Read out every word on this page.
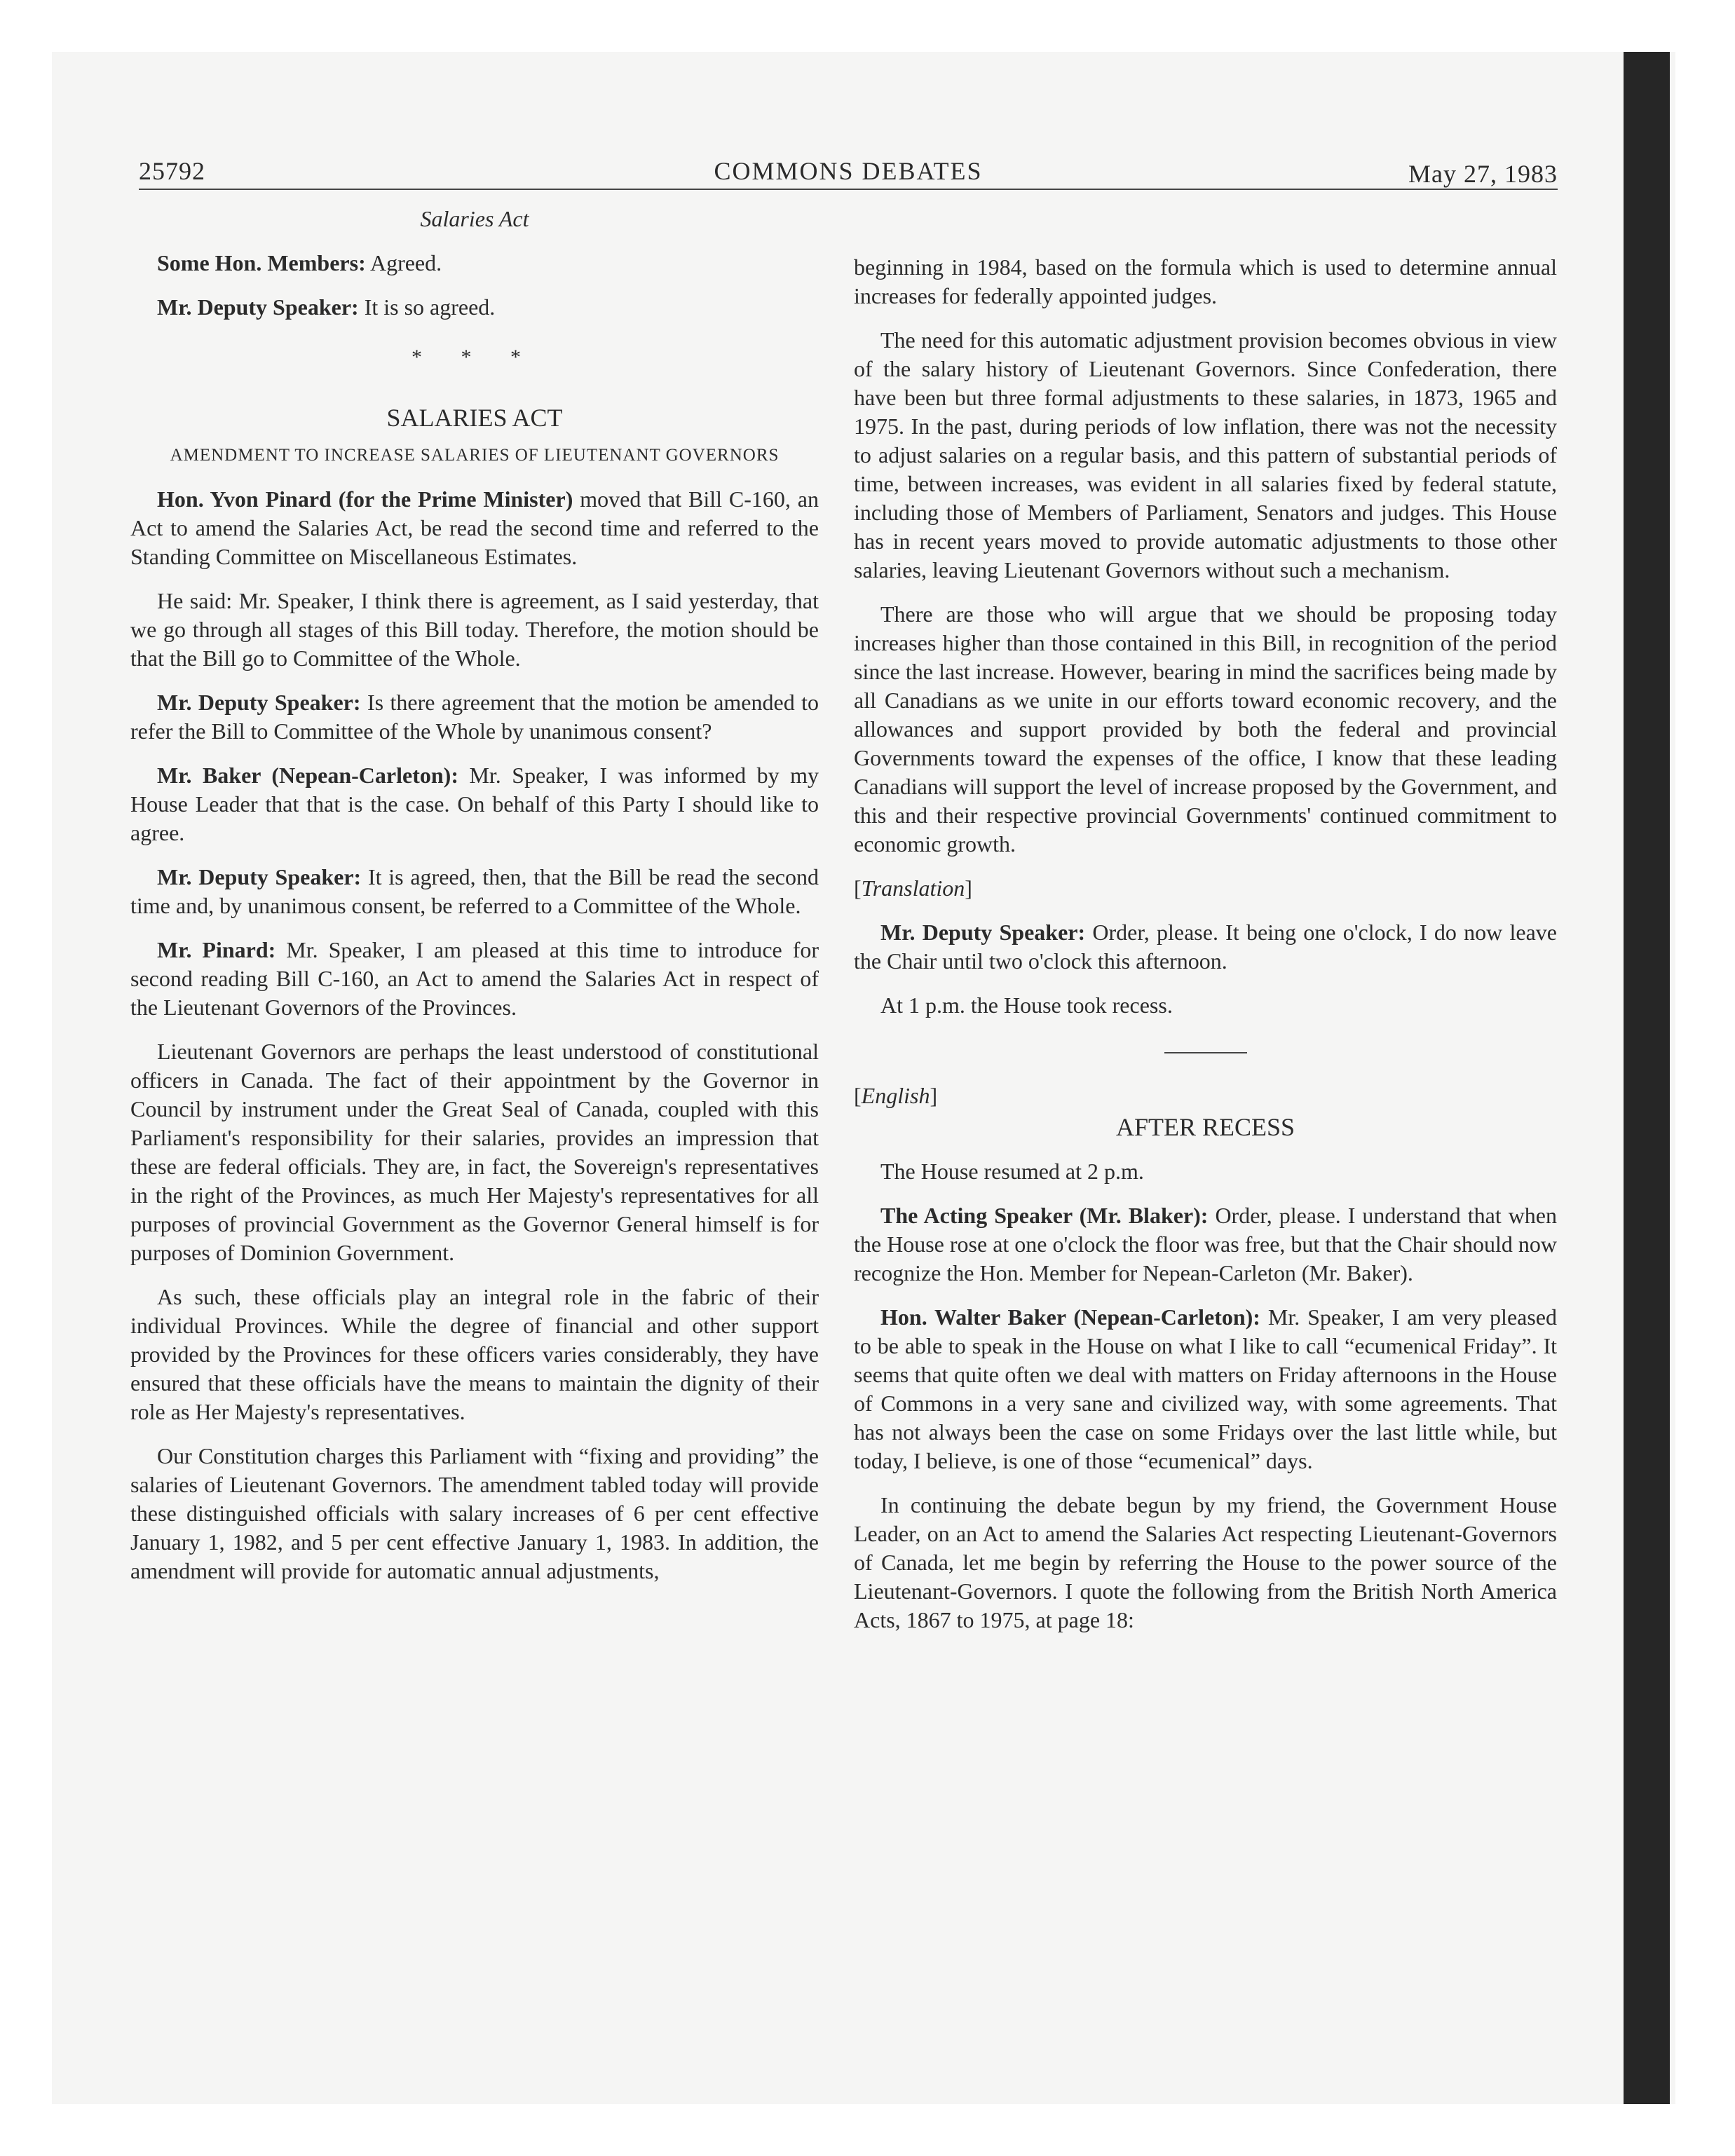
25792	COMMONS DEBATES	May 27, 1983

Salaries Act

Some Hon. Members: Agreed.

Mr. Deputy Speaker: It is so agreed.

* * *

SALARIES ACT

AMENDMENT TO INCREASE SALARIES OF LIEUTENANT GOVERNORS

Hon. Yvon Pinard (for the Prime Minister) moved that Bill C-160, an Act to amend the Salaries Act, be read the second time and referred to the Standing Committee on Miscellaneous Estimates.

He said: Mr. Speaker, I think there is agreement, as I said yesterday, that we go through all stages of this Bill today. Therefore, the motion should be that the Bill go to Committee of the Whole.

Mr. Deputy Speaker: Is there agreement that the motion be amended to refer the Bill to Committee of the Whole by unanimous consent?

Mr. Baker (Nepean-Carleton): Mr. Speaker, I was informed by my House Leader that that is the case. On behalf of this Party I should like to agree.

Mr. Deputy Speaker: It is agreed, then, that the Bill be read the second time and, by unanimous consent, be referred to a Committee of the Whole.

Mr. Pinard: Mr. Speaker, I am pleased at this time to introduce for second reading Bill C-160, an Act to amend the Salaries Act in respect of the Lieutenant Governors of the Provinces.

Lieutenant Governors are perhaps the least understood of constitutional officers in Canada. The fact of their appointment by the Governor in Council by instrument under the Great Seal of Canada, coupled with this Parliament's responsibility for their salaries, provides an impression that these are federal officials. They are, in fact, the Sovereign's representatives in the right of the Provinces, as much Her Majesty's representatives for all purposes of provincial Government as the Governor General himself is for purposes of Dominion Government.

As such, these officials play an integral role in the fabric of their individual Provinces. While the degree of financial and other support provided by the Provinces for these officers varies considerably, they have ensured that these officials have the means to maintain the dignity of their role as Her Majesty's representatives.

Our Constitution charges this Parliament with “fixing and providing” the salaries of Lieutenant Governors. The amendment tabled today will provide these distinguished officials with salary increases of 6 per cent effective January 1, 1982, and 5 per cent effective January 1, 1983. In addition, the amendment will provide for automatic annual adjustments,

beginning in 1984, based on the formula which is used to determine annual increases for federally appointed judges.

The need for this automatic adjustment provision becomes obvious in view of the salary history of Lieutenant Governors. Since Confederation, there have been but three formal adjustments to these salaries, in 1873, 1965 and 1975. In the past, during periods of low inflation, there was not the necessity to adjust salaries on a regular basis, and this pattern of substantial periods of time, between increases, was evident in all salaries fixed by federal statute, including those of Members of Parliament, Senators and judges. This House has in recent years moved to provide automatic adjustments to those other salaries, leaving Lieutenant Governors without such a mechanism.

There are those who will argue that we should be proposing today increases higher than those contained in this Bill, in recognition of the period since the last increase. However, bearing in mind the sacrifices being made by all Canadians as we unite in our efforts toward economic recovery, and the allowances and support provided by both the federal and provincial Governments toward the expenses of the office, I know that these leading Canadians will support the level of increase proposed by the Government, and this and their respective provincial Governments' continued commitment to economic growth.

[Translation]

Mr. Deputy Speaker: Order, please. It being one o'clock, I do now leave the Chair until two o'clock this afternoon.

At 1 p.m. the House took recess.

[English]

AFTER RECESS

The House resumed at 2 p.m.

The Acting Speaker (Mr. Blaker): Order, please. I understand that when the House rose at one o'clock the floor was free, but that the Chair should now recognize the Hon. Member for Nepean-Carleton (Mr. Baker).

Hon. Walter Baker (Nepean-Carleton): Mr. Speaker, I am very pleased to be able to speak in the House on what I like to call “ecumenical Friday”. It seems that quite often we deal with matters on Friday afternoons in the House of Commons in a very sane and civilized way, with some agreements. That has not always been the case on some Fridays over the last little while, but today, I believe, is one of those “ecumenical” days.

In continuing the debate begun by my friend, the Government House Leader, on an Act to amend the Salaries Act respecting Lieutenant-Governors of Canada, let me begin by referring the House to the power source of the Lieutenant-Governors. I quote the following from the British North America Acts, 1867 to 1975, at page 18:
